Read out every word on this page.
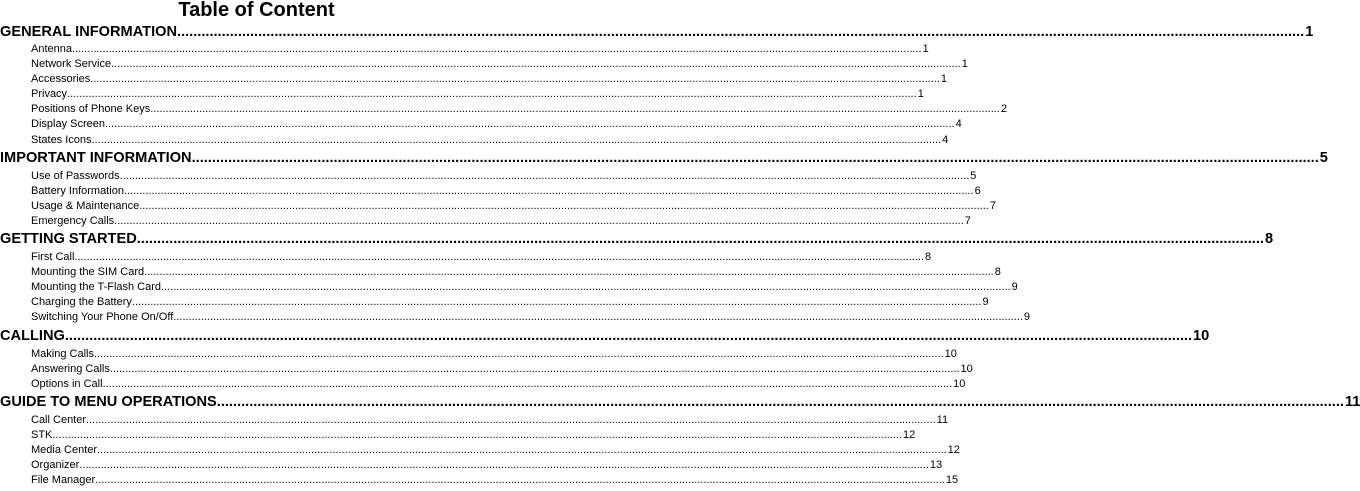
Table of Content
GENERAL INFORMATION .....	1
Antenna .....	1
Network Service .....	1
Accessories .....	1
Privacy .....	1
Positions of Phone Keys .....	2
Display Screen .....	4
States Icons .....	4
IMPORTANT INFORMATION .....	5
Use of Passwords .....	5
Battery Information .....	6
Usage & Maintenance .....	7
Emergency Calls .....	7
GETTING STARTED .....	8
First Call .....	8
Mounting the SIM Card .....	8
Mounting the T-Flash Card .....	9
Charging the Battery .....	9
Switching Your Phone On/Off .....	9
CALLING .....	10
Making Calls .....	10
Answering Calls .....	10
Options in Call .....	10
GUIDE TO MENU OPERATIONS .....	11
Call Center .....	11
STK .....	12
Media Center .....	12
Organizer .....	13
File Manager .....	15
